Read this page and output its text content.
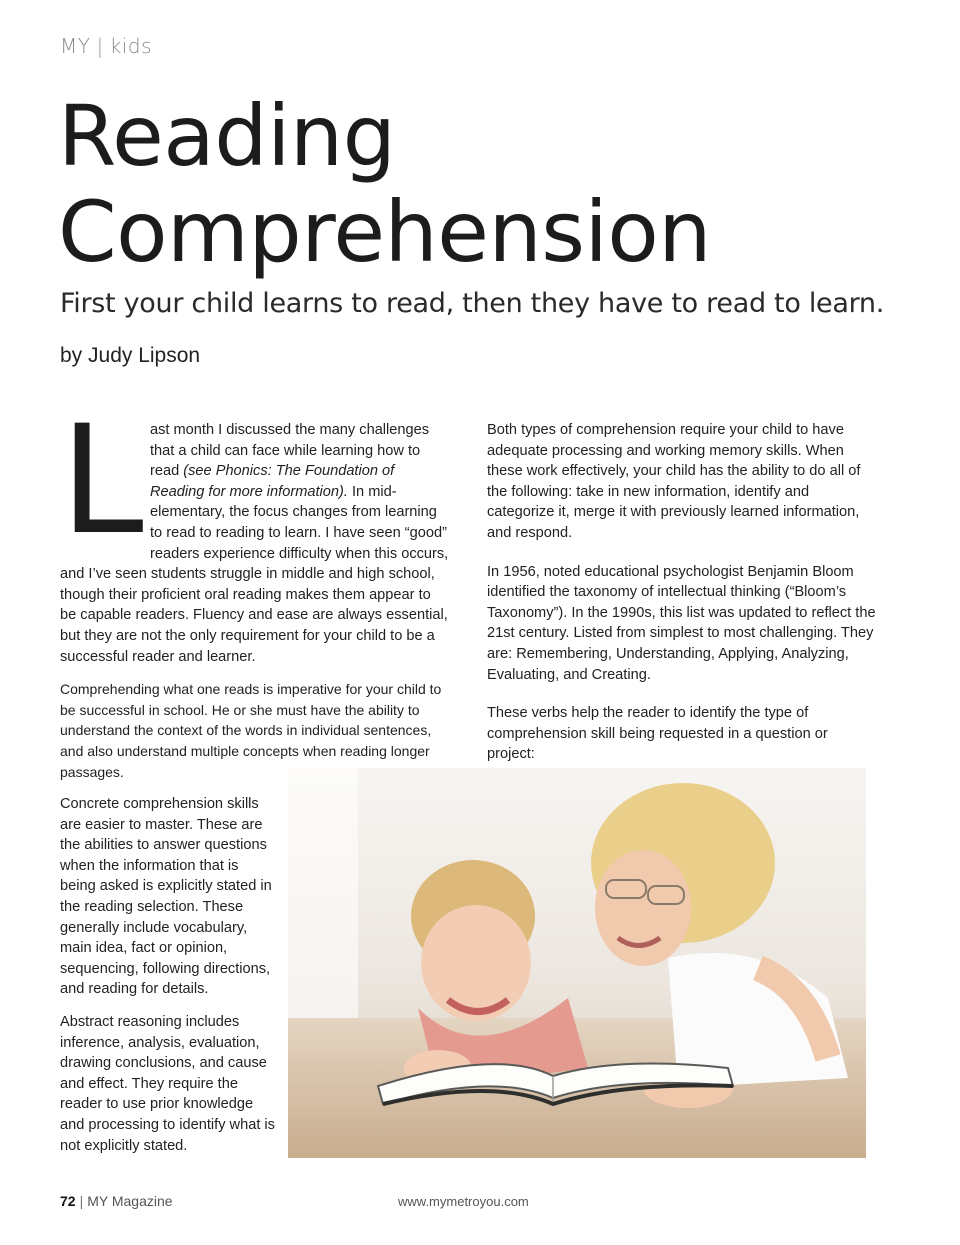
MY | kids
Reading
Comprehension
First your child learns to read, then they have to read to learn.
by Judy Lipson

Last month I discussed the many challenges that a child can face while learning how to read (see Phonics: The Foundation of Reading for more information). In mid-elementary, the focus changes from learning to read to reading to learn. I have seen “good” readers experience difficulty when this occurs, and I’ve seen students struggle in middle and high school, though their proficient oral reading makes them appear to be capable readers. Fluency and ease are always essential, but they are not the only requirement for your child to be a successful reader and learner.

Comprehending what one reads is imperative for your child to be successful in school. He or she must have the ability to understand the context of the words in individual sentences, and also understand multiple concepts when reading longer passages.

Concrete comprehension skills are easier to master. These are the abilities to answer questions when the information that is being asked is explicitly stated in the reading selection. These generally include vocabulary, main idea, fact or opinion, sequencing, following directions, and reading for details.

Abstract reasoning includes inference, analysis, evaluation, drawing conclusions, and cause and effect. They require the reader to use prior knowledge and processing to identify what is not explicitly stated.

Both types of comprehension require your child to have adequate processing and working memory skills. When these work effectively, your child has the ability to do all of the following: take in new information, identify and categorize it, merge it with previously learned information, and respond.

In 1956, noted educational psychologist Benjamin Bloom identified the taxonomy of intellectual thinking (“Bloom’s Taxonomy”). In the 1990s, this list was updated to reflect the 21st century. Listed from simplest to most challenging. They are: Remembering, Understanding, Applying, Analyzing, Evaluating, and Creating.

These verbs help the reader to identify the type of comprehension skill being requested in a question or project:

72 | MY Magazine	www.mymetroyou.com
